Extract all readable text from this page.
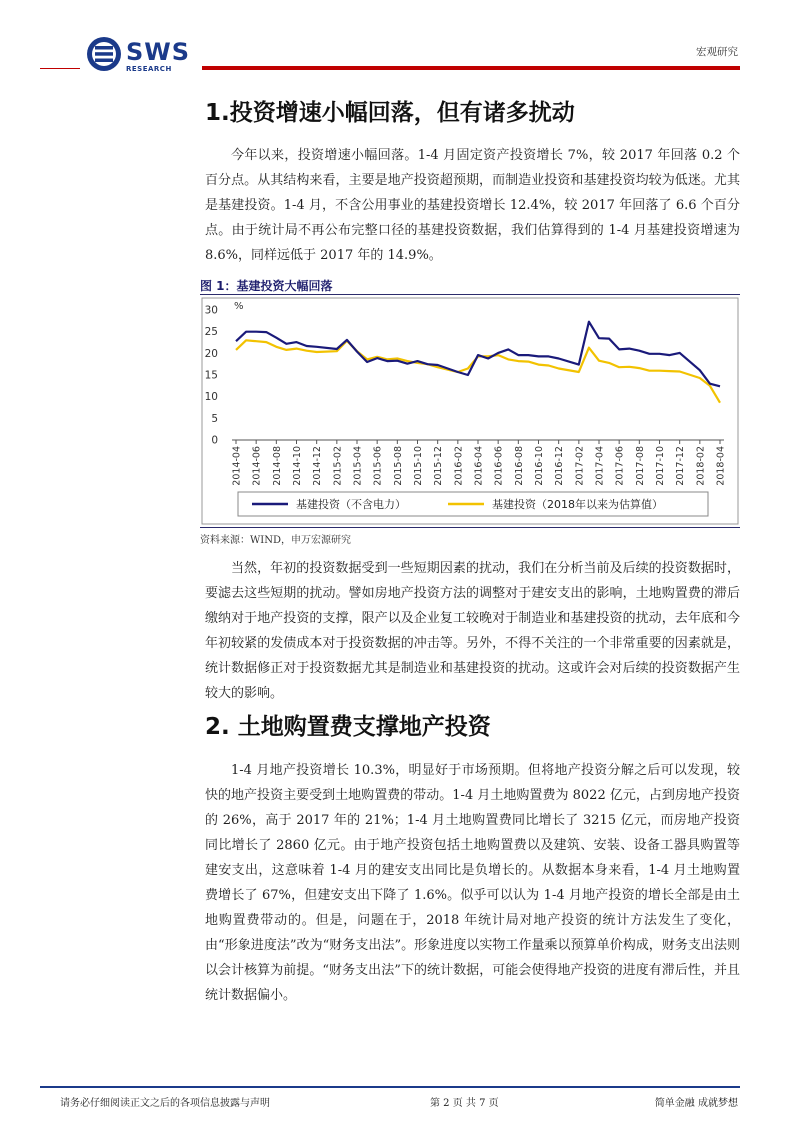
SWS
RESEARCH
宏观研究
1.投资增速小幅回落，但有诸多扰动

今年以来，投资增速小幅回落。1-4 月固定资产投资增长 7%，较 2017 年回落 0.2 个百分点。从其结构来看，主要是地产投资超预期，而制造业投资和基建投资均较为低迷。尤其是基建投资。1-4 月，不含公用事业的基建投资增长 12.4%，较 2017 年回落了 6.6 个百分点。由于统计局不再公布完整口径的基建投资数据，我们估算得到的 1-4 月基建投资增速为 8.6%，同样远低于 2017 年的 14.9%。

图 1：基建投资大幅回落
%
0
5
10
15
20
25
30
2014-04 2014-06 2014-08 2014-10 2014-12 2015-02 2015-04 2015-06 2015-08 2015-10 2015-12 2016-02 2016-04 2016-06 2016-08 2016-10 2016-12 2017-02 2017-04 2017-06 2017-08 2017-10 2017-12 2018-02 2018-04
基建投资（不含电力）	基建投资（2018年以来为估算值）
资料来源：WIND，申万宏源研究

当然，年初的投资数据受到一些短期因素的扰动，我们在分析当前及后续的投资数据时，要滤去这些短期的扰动。譬如房地产投资方法的调整对于建安支出的影响，土地购置费的滞后缴纳对于地产投资的支撑，限产以及企业复工较晚对于制造业和基建投资的扰动，去年底和今年初较紧的发债成本对于投资数据的冲击等。另外，不得不关注的一个非常重要的因素就是，统计数据修正对于投资数据尤其是制造业和基建投资的扰动。这或许会对后续的投资数据产生较大的影响。

2. 土地购置费支撑地产投资

1-4 月地产投资增长 10.3%，明显好于市场预期。但将地产投资分解之后可以发现，较快的地产投资主要受到土地购置费的带动。1-4 月土地购置费为 8022 亿元，占到房地产投资的 26%，高于 2017 年的 21%；1-4 月土地购置费同比增长了 3215 亿元，而房地产投资同比增长了 2860 亿元。由于地产投资包括土地购置费以及建筑、安装、设备工器具购置等建安支出，这意味着 1-4 月的建安支出同比是负增长的。从数据本身来看，1-4 月土地购置费增长了 67%，但建安支出下降了 1.6%。似乎可以认为 1-4 月地产投资的增长全部是由土地购置费带动的。但是，问题在于，2018 年统计局对地产投资的统计方法发生了变化，由“形象进度法”改为“财务支出法”。形象进度以实物工作量乘以预算单价构成，财务支出法则以会计核算为前提。“财务支出法”下的统计数据，可能会使得地产投资的进度有滞后性，并且统计数据偏小。

请务必仔细阅读正文之后的各项信息披露与声明	第 2 页 共 7 页	简单金融 成就梦想
